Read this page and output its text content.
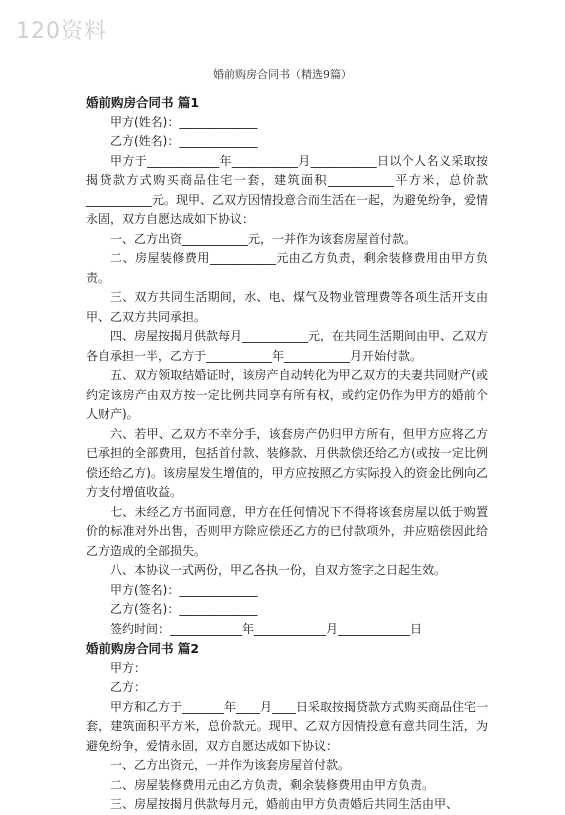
120资料
婚前购房合同书（精选9篇）

婚前购房合同书 篇1

甲方(姓名)：_____________

乙方(姓名)：_____________

甲方于____________年___________月___________日以个人名义采取按揭贷款方式购买商品住宅一套，建筑面积___________平方米，总价款___________元。现甲、乙双方因情投意合而生活在一起，为避免纷争，爱情永固，双方自愿达成如下协议：

一、乙方出资___________元，一并作为该套房屋首付款。

二、房屋装修费用___________元由乙方负责，剩余装修费用由甲方负责。

三、双方共同生活期间，水、电、煤气及物业管理费等各项生活开支由甲、乙双方共同承担。

四、房屋按揭月供款每月___________元，在共同生活期间由甲、乙双方各自承担一半，乙方于___________年___________月开始付款。

五、双方领取结婚证时，该房产自动转化为甲乙双方的夫妻共同财产(或约定该房产由双方按一定比例共同享有所有权，或约定仍作为甲方的婚前个人财产)。

六、若甲、乙双方不幸分手，该套房产仍归甲方所有，但甲方应将乙方已承担的全部费用，包括首付款、装修款、月供款偿还给乙方(或按一定比例偿还给乙方)。该房屋发生增值的，甲方应按照乙方实际投入的资金比例向乙方支付增值收益。

七、未经乙方书面同意，甲方在任何情况下不得将该套房屋以低于购置价的标准对外出售，否则甲方除应偿还乙方的已付款项外，并应赔偿因此给乙方造成的全部损失。

八、本协议一式两份，甲乙各执一份，自双方签字之日起生效。

甲方(签名)：_____________

乙方(签名)：_____________

签约时间：____________年____________月____________日

婚前购房合同书 篇2

甲方：

乙方：

甲方和乙方于_______年____月____日采取按揭贷款方式购买商品住宅一套，建筑面积平方米，总价款元。现甲、乙双方因情投意有意共同生活，为避免纷争，爱情永固，双方自愿达成如下协议：

一、乙方出资元，一并作为该套房屋首付款。

二、房屋装修费用元由乙方负责，剩余装修费用由甲方负责。

三、房屋按揭月供款每月元，婚前由甲方负责婚后共同生活由甲、
